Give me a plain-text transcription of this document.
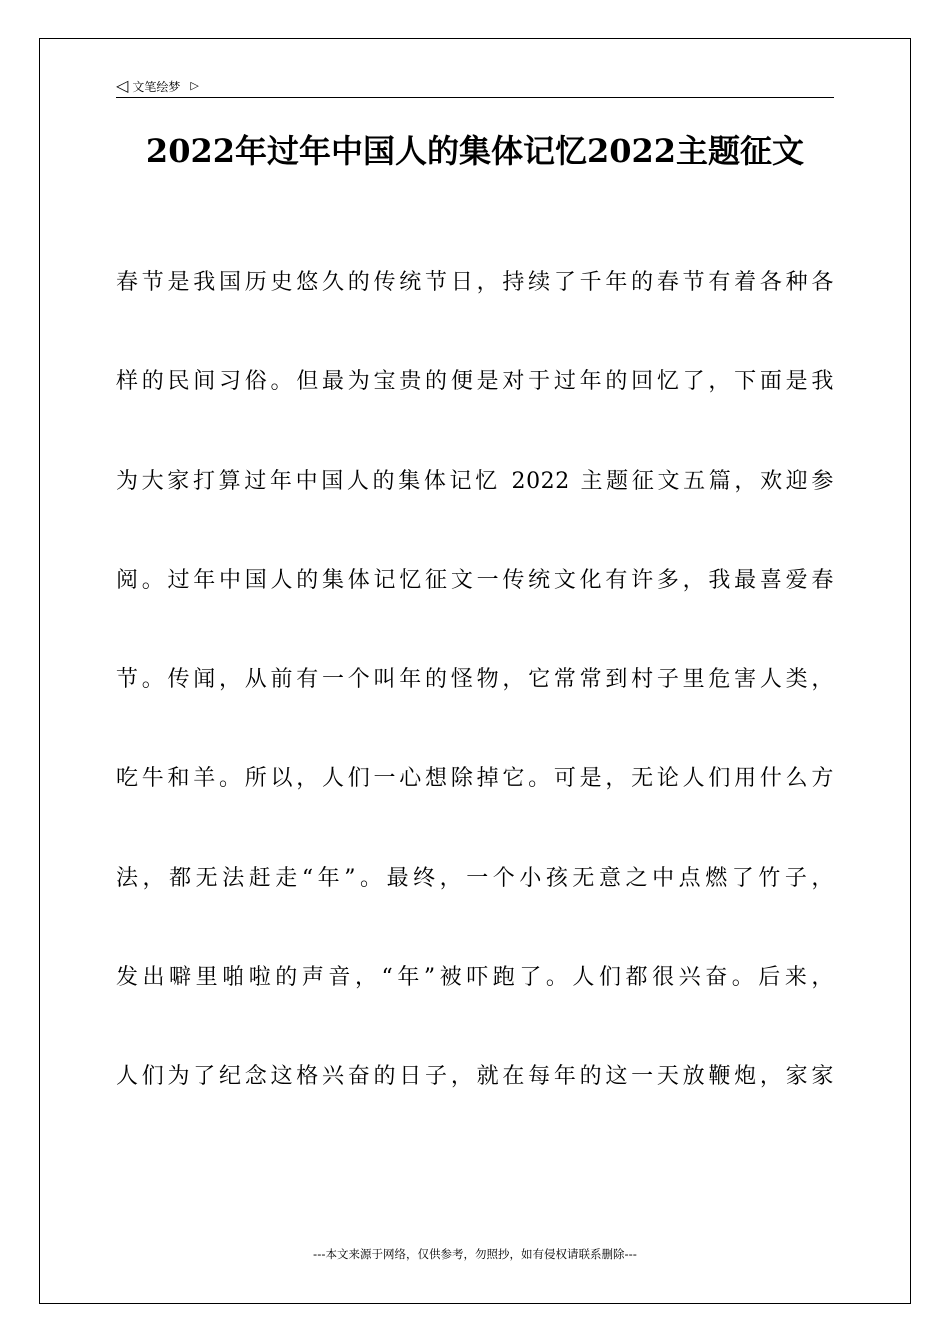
◁ 文笔绘梦 ▷
2022年过年中国人的集体记忆2022主题征文
春节是我国历史悠久的传统节日，持续了千年的春节有着各种各
样的民间习俗。但最为宝贵的便是对于过年的回忆了，下面是我
为大家打算过年中国人的集体记忆 2022 主题征文五篇，欢迎参
阅。过年中国人的集体记忆征文一传统文化有许多，我最喜爱春
节。传闻，从前有一个叫年的怪物，它常常到村子里危害人类，
吃牛和羊。所以，人们一心想除掉它。可是，无论人们用什么方
法，都无法赶走“年”。最终，一个小孩无意之中点燃了竹子，
发出噼里啪啦的声音，“年”被吓跑了。人们都很兴奋。后来，
人们为了纪念这格兴奋的日子，就在每年的这一天放鞭炮，家家
---本文来源于网络，仅供参考，勿照抄，如有侵权请联系删除---
